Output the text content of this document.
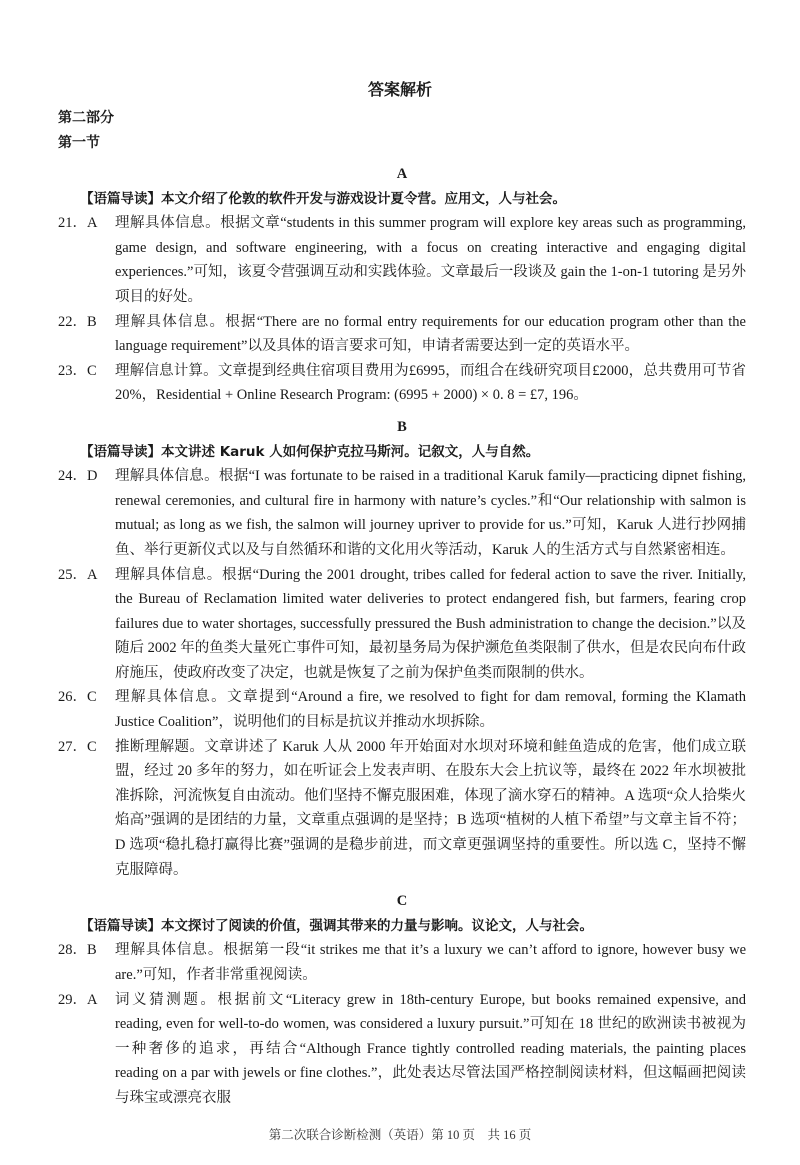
答案解析
第二部分
第一节
A
【语篇导读】本文介绍了伦敦的软件开发与游戏设计夏令营。应用文，人与社会。
21．A 理解具体信息。根据文章“students in this summer program will explore key areas such as programming, game design, and software engineering, with a focus on creating interactive and engaging digital experiences.”可知，该夏令营强调互动和实践体验。文章最后一段谈及 gain the 1-on-1 tutoring 是另外项目的好处。
22．B 理解具体信息。根据“There are no formal entry requirements for our education program other than the language requirement”以及具体的语言要求可知，申请者需要达到一定的英语水平。
23．C 理解信息计算。文章提到经典住宿项目费用为£6995，而组合在线研究项目£2000，总共费用可节省 20%，Residential + Online Research Program: (6995 + 2000) × 0. 8 = £7, 196。
B
【语篇导读】本文讲述 Karuk 人如何保护克拉马斯河。记叙文，人与自然。
24．D 理解具体信息。根据“I was fortunate to be raised in a traditional Karuk family—practicing dipnet fishing, renewal ceremonies, and cultural fire in harmony with nature’s cycles.”和“Our relationship with salmon is mutual; as long as we fish, the salmon will journey upriver to provide for us.”可知，Karuk 人进行抄网捕鱼、举行更新仪式以及与自然循环和谐的文化用火等活动，Karuk 人的生活方式与自然紧密相连。
25．A 理解具体信息。根据“During the 2001 drought, tribes called for federal action to save the river. Initially, the Bureau of Reclamation limited water deliveries to protect endangered fish, but farmers, fearing crop failures due to water shortages, successfully pressured the Bush administration to change the decision.”以及随后 2002 年的鱼类大量死亡事件可知，最初垦务局为保护濒危鱼类限制了供水，但是农民向布什政府施压，使政府改变了决定，也就是恢复了之前为保护鱼类而限制的供水。
26．C 理解具体信息。文章提到“Around a fire, we resolved to fight for dam removal, forming the Klamath Justice Coalition”，说明他们的目标是抗议并推动水坝拆除。
27．C 推断理解题。文章讲述了 Karuk 人从 2000 年开始面对水坝对环境和鲑鱼造成的危害，他们成立联盟，经过 20 多年的努力，如在听证会上发表声明、在股东大会上抗议等，最终在 2022 年水坝被批准拆除，河流恢复自由流动。他们坚持不懈克服困难，体现了滴水穿石的精神。A 选项“众人拾柴火焰高”强调的是团结的力量，文章重点强调的是坚持；B 选项“植树的人植下希望”与文章主旨不符；D 选项“稳扎稳打赢得比赛”强调的是稳步前进，而文章更强调坚持的重要性。所以选 C，坚持不懈克服障碍。
C
【语篇导读】本文探讨了阅读的价值，强调其带来的力量与影响。议论文，人与社会。
28．B 理解具体信息。根据第一段“it strikes me that it’s a luxury we can’t afford to ignore, however busy we are.”可知，作者非常重视阅读。
29．A 词义猜测题。根据前文“Literacy grew in 18th-century Europe, but books remained expensive, and reading, even for well-to-do women, was considered a luxury pursuit.”可知在 18 世纪的欧洲读书被视为一种奢侈的追求，再结合“Although France tightly controlled reading materials, the painting places reading on a par with jewels or fine clothes.”，此处表达尽管法国严格控制阅读材料，但这幅画把阅读与珠宝或漂亮衣服
第二次联合诊断检测（英语）第 10 页　共 16 页
